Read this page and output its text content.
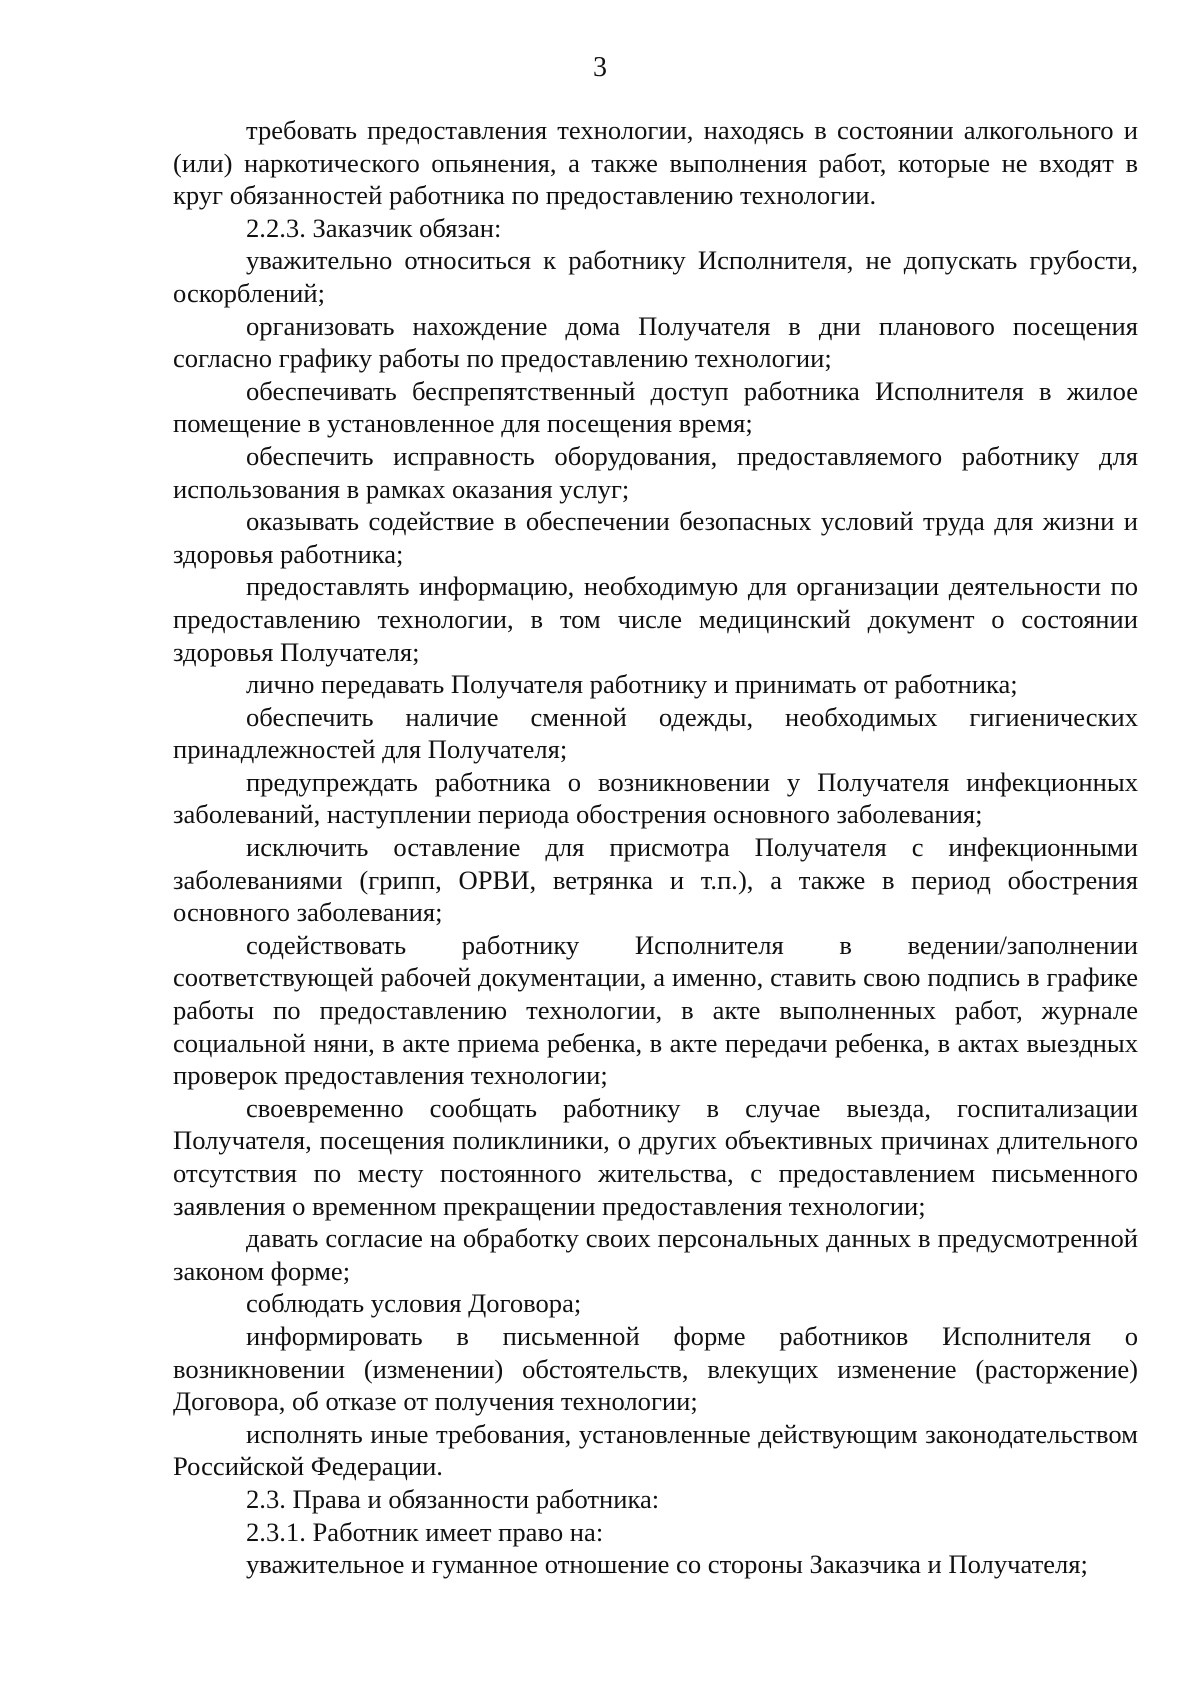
3

требовать предоставления технологии, находясь в состоянии алкогольного и (или) наркотического опьянения, а также выполнения работ, которые не входят в круг обязанностей работника по предоставлению технологии.

2.2.3. Заказчик обязан:

уважительно относиться к работнику Исполнителя, не допускать грубости, оскорблений;

организовать нахождение дома Получателя в дни планового посещения согласно графику работы по предоставлению технологии;

обеспечивать беспрепятственный доступ работника Исполнителя в жилое помещение в установленное для посещения время;

обеспечить исправность оборудования, предоставляемого работнику для использования в рамках оказания услуг;

оказывать содействие в обеспечении безопасных условий труда для жизни и здоровья работника;

предоставлять информацию, необходимую для организации деятельности по предоставлению технологии, в том числе медицинский документ о состоянии здоровья Получателя;

лично передавать Получателя работнику и принимать от работника;

обеспечить наличие сменной одежды, необходимых гигиенических принадлежностей для Получателя;

предупреждать работника о возникновении у Получателя инфекционных заболеваний, наступлении периода обострения основного заболевания;

исключить оставление для присмотра Получателя с инфекционными заболеваниями (грипп, ОРВИ, ветрянка и т.п.), а также в период обострения основного заболевания;

содействовать работнику Исполнителя в ведении/заполнении соответствующей рабочей документации, а именно, ставить свою подпись в графике работы по предоставлению технологии, в акте выполненных работ, журнале социальной няни, в акте приема ребенка, в акте передачи ребенка, в актах выездных проверок предоставления технологии;

своевременно сообщать работнику в случае выезда, госпитализации Получателя, посещения поликлиники, о других объективных причинах длительного отсутствия по месту постоянного жительства, с предоставлением письменного заявления о временном прекращении предоставления технологии;

давать согласие на обработку своих персональных данных в предусмотренной законом форме;

соблюдать условия Договора;

информировать в письменной форме работников Исполнителя о возникновении (изменении) обстоятельств, влекущих изменение (расторжение) Договора, об отказе от получения технологии;

исполнять иные требования, установленные действующим законодательством Российской Федерации.

2.3. Права и обязанности работника:

2.3.1. Работник имеет право на:

уважительное и гуманное отношение со стороны Заказчика и Получателя;
